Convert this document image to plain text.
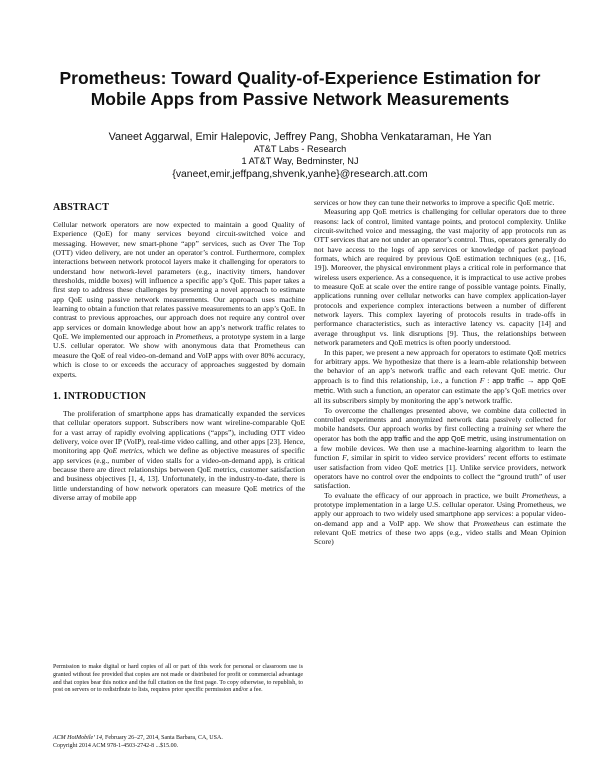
Prometheus: Toward Quality-of-Experience Estimation for Mobile Apps from Passive Network Measurements
Vaneet Aggarwal, Emir Halepovic, Jeffrey Pang, Shobha Venkataraman, He Yan
AT&T Labs - Research
1 AT&T Way, Bedminster, NJ
{vaneet,emir,jeffpang,shvenk,yanhe}@research.att.com
ABSTRACT

Cellular network operators are now expected to maintain a good Quality of Experience (QoE) for many services beyond circuit-switched voice and messaging. However, new smart-phone “app” services, such as Over The Top (OTT) video delivery, are not under an operator’s control. Furthermore, complex interactions between network protocol layers make it challenging for operators to understand how network-level parameters (e.g., inactivity timers, handover thresholds, middle boxes) will influence a specific app’s QoE. This paper takes a first step to address these challenges by presenting a novel approach to estimate app QoE using passive network measurements. Our approach uses machine learning to obtain a function that relates passive measurements to an app’s QoE. In contrast to previous approaches, our approach does not require any control over app services or domain knowledge about how an app’s network traffic relates to QoE. We implemented our approach in Prometheus, a prototype system in a large U.S. cellular operator. We show with anonymous data that Prometheus can measure the QoE of real video-on-demand and VoIP apps with over 80% accuracy, which is close to or exceeds the accuracy of approaches suggested by domain experts.

1. INTRODUCTION

The proliferation of smartphone apps has dramatically expanded the services that cellular operators support. Subscribers now want wireline-comparable QoE for a vast array of rapidly evolving applications (“apps”), including OTT video delivery, voice over IP (VoIP), real-time video calling, and other apps [23]. Hence, monitoring app QoE metrics, which we define as objective measures of specific app services (e.g., number of video stalls for a video-on-demand app), is critical because there are direct relationships between QoE metrics, customer satisfaction and business objectives [1, 4, 13]. Unfortunately, in the industry-to-date, there is little understanding of how network operators can measure QoE metrics of the diverse array of mobile app

Permission to make digital or hard copies of all or part of this work for personal or classroom use is granted without fee provided that copies are not made or distributed for profit or commercial advantage and that copies bear this notice and the full citation on the first page. To copy otherwise, to republish, to post on servers or to redistribute to lists, requires prior specific permission and/or a fee.

ACM HotMobile’ 14, February 26–27, 2014, Santa Barbara, CA, USA.
Copyright 2014 ACM 978-1-4503-2742-8 ...$15.00.

services or how they can tune their networks to improve a specific QoE metric.

Measuring app QoE metrics is challenging for cellular operators due to three reasons: lack of control, limited vantage points, and protocol complexity. Unlike circuit-switched voice and messaging, the vast majority of app protocols run as OTT services that are not under an operator’s control. Thus, operators generally do not have access to the logs of app services or knowledge of packet payload formats, which are required by previous QoE estimation techniques (e.g., [16, 19]). Moreover, the physical environment plays a critical role in performance that wireless users experience. As a consequence, it is impractical to use active probes to measure QoE at scale over the entire range of possible vantage points. Finally, applications running over cellular networks can have complex application-layer protocols and experience complex interactions between a number of different network layers. This complex layering of protocols results in trade-offs in performance characteristics, such as interactive latency vs. capacity [14] and average throughput vs. link disruptions [9]. Thus, the relationships between network parameters and QoE metrics is often poorly understood.

In this paper, we present a new approach for operators to estimate QoE metrics for arbitrary apps. We hypothesize that there is a learn-able relationship between the behavior of an app’s network traffic and each relevant QoE metric. Our approach is to find this relationship, i.e., a function F : app traffic → app QoE metric. With such a function, an operator can estimate the app’s QoE metrics over all its subscribers simply by monitoring the app’s network traffic.

To overcome the challenges presented above, we combine data collected in controlled experiments and anonymized network data passively collected for mobile handsets. Our approach works by first collecting a training set where the operator has both the app traffic and the app QoE metric, using instrumentation on a few mobile devices. We then use a machine-learning algorithm to learn the function F, similar in spirit to video service providers’ recent efforts to estimate user satisfaction from video QoE metrics [1]. Unlike service providers, network operators have no control over the endpoints to collect the “ground truth” of user satisfaction.

To evaluate the efficacy of our approach in practice, we built Prometheus, a prototype implementation in a large U.S. cellular operator. Using Prometheus, we apply our approach to two widely used smartphone app services: a popular video-on-demand app and a VoIP app. We show that Prometheus can estimate the relevant QoE metrics of these two apps (e.g., video stalls and Mean Opinion Score)
